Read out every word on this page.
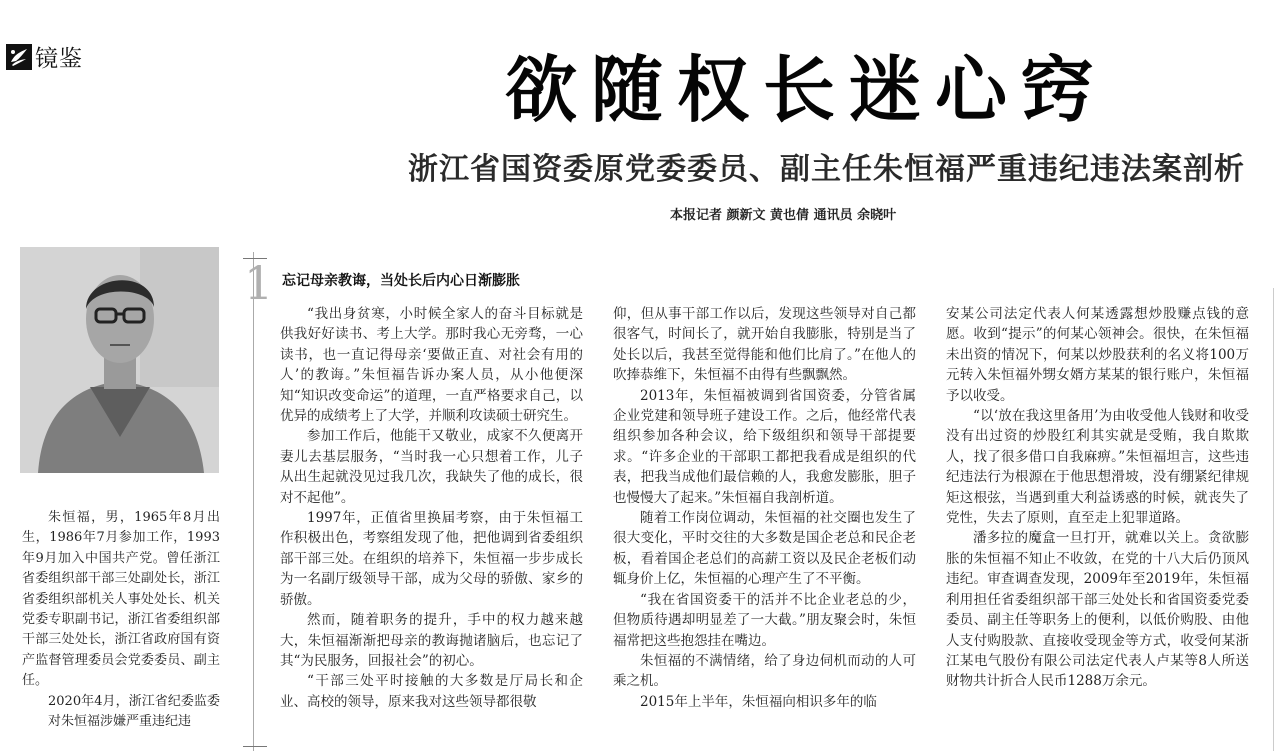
镜鉴	欲随权长迷心窍
浙江省国资委原党委委员、副主任朱恒福严重违纪违法案剖析
本报记者 颜新文 黄也倩 通讯员 余晓叶

朱恒福，男，1965年8月出生，1986年7月参加工作，1993年9月加入中国共产党。曾任浙江省委组织部干部三处副处长，浙江省委组织部机关人事处处长、机关党委专职副书记，浙江省委组织部干部三处处长，浙江省政府国有资产监督管理委员会党委委员、副主任。
2020年4月，浙江省纪委监委对朱恒福涉嫌严重违纪违

1 忘记母亲教诲，当处长后内心日渐膨胀

“我出身贫寒，小时候全家人的奋斗目标就是供我好好读书、考上大学。那时我心无旁骛，一心读书，也一直记得母亲‘要做正直、对社会有用的人’的教诲。”朱恒福告诉办案人员，从小他便深知“知识改变命运”的道理，一直严格要求自己，以优异的成绩考上了大学，并顺利攻读硕士研究生。

参加工作后，他能干又敬业，成家不久便离开妻儿去基层服务，“当时我一心只想着工作，儿子从出生起就没见过我几次，我缺失了他的成长，很对不起他”。

1997年，正值省里换届考察，由于朱恒福工作积极出色，考察组发现了他，把他调到省委组织部干部三处。在组织的培养下，朱恒福一步步成长为一名副厅级领导干部，成为父母的骄傲、家乡的骄傲。

然而，随着职务的提升，手中的权力越来越大，朱恒福渐渐把母亲的教诲抛诸脑后，也忘记了其“为民服务，回报社会”的初心。

“干部三处平时接触的大多数是厅局长和企业、高校的领导，原来我对这些领导都很敬

仰，但从事干部工作以后，发现这些领导对自己都很客气，时间长了，就开始自我膨胀，特别是当了处长以后，我甚至觉得能和他们比肩了。”在他人的吹捧恭维下，朱恒福不由得有些飘飘然。

2013年，朱恒福被调到省国资委，分管省属企业党建和领导班子建设工作。之后，他经常代表组织参加各种会议，给下级组织和领导干部提要求。“许多企业的干部职工都把我看成是组织的代表，把我当成他们最信赖的人，我愈发膨胀，胆子也慢慢大了起来。”朱恒福自我剖析道。

随着工作岗位调动，朱恒福的社交圈也发生了很大变化，平时交往的大多数是国企老总和民企老板，看着国企老总们的高薪工资以及民企老板们动辄身价上亿，朱恒福的心理产生了不平衡。

“我在省国资委干的活并不比企业老总的少，但物质待遇却明显差了一大截。”朋友聚会时，朱恒福常把这些抱怨挂在嘴边。

朱恒福的不满情绪，给了身边伺机而动的人可乘之机。

2015年上半年，朱恒福向相识多年的临

安某公司法定代表人何某透露想炒股赚点钱的意愿。收到“提示”的何某心领神会。很快，在朱恒福未出资的情况下，何某以炒股获利的名义将100万元转入朱恒福外甥女婿方某某的银行账户，朱恒福予以收受。

“以‘放在我这里备用’为由收受他人钱财和收受没有出过资的炒股红利其实就是受贿，我自欺欺人，找了很多借口自我麻痹。”朱恒福坦言，这些违纪违法行为根源在于他思想滑坡，没有绷紧纪律规矩这根弦，当遇到重大利益诱惑的时候，就丧失了党性，失去了原则，直至走上犯罪道路。

潘多拉的魔盒一旦打开，就难以关上。贪欲膨胀的朱恒福不知止不收敛，在党的十八大后仍顶风违纪。审查调查发现，2009年至2019年，朱恒福利用担任省委组织部干部三处处长和省国资委党委委员、副主任等职务上的便利，以低价购股、由他人支付购股款、直接收受现金等方式，收受何某浙江某电气股份有限公司法定代表人卢某等8人所送财物共计折合人民币1288万余元。
